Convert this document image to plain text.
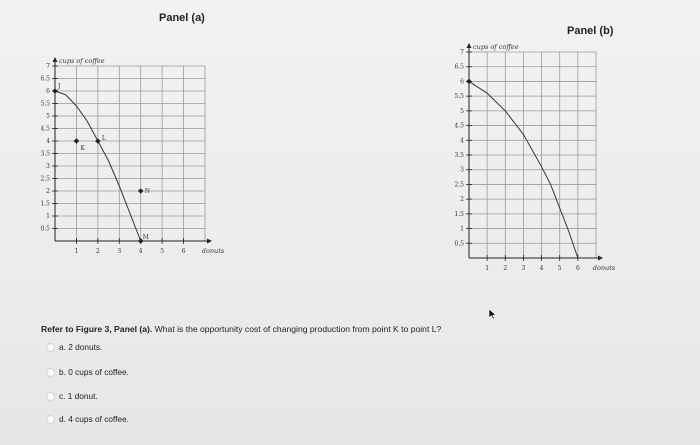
Panel (a)
Panel (b)
0.5
1
1.5
2
2.5
3
3.5
4
4.5
5
5.5
6
6.5
7
1	2	3	4	5	6
cups of coffee
donuts
J
K
L
N
M
0.5
1
1.5
2
2.5
3
3.5
4
4.5
5
5.5
6
6.5
7
1 2 3 4 5 6
cups of coffee
donuts
Refer to Figure 3, Panel (a). What is the opportunity cost of changing production from point K to point L?
a. 2 donuts.
b. 0 cups of coffee.
c. 1 donut.
d. 4 cups of coffee.
